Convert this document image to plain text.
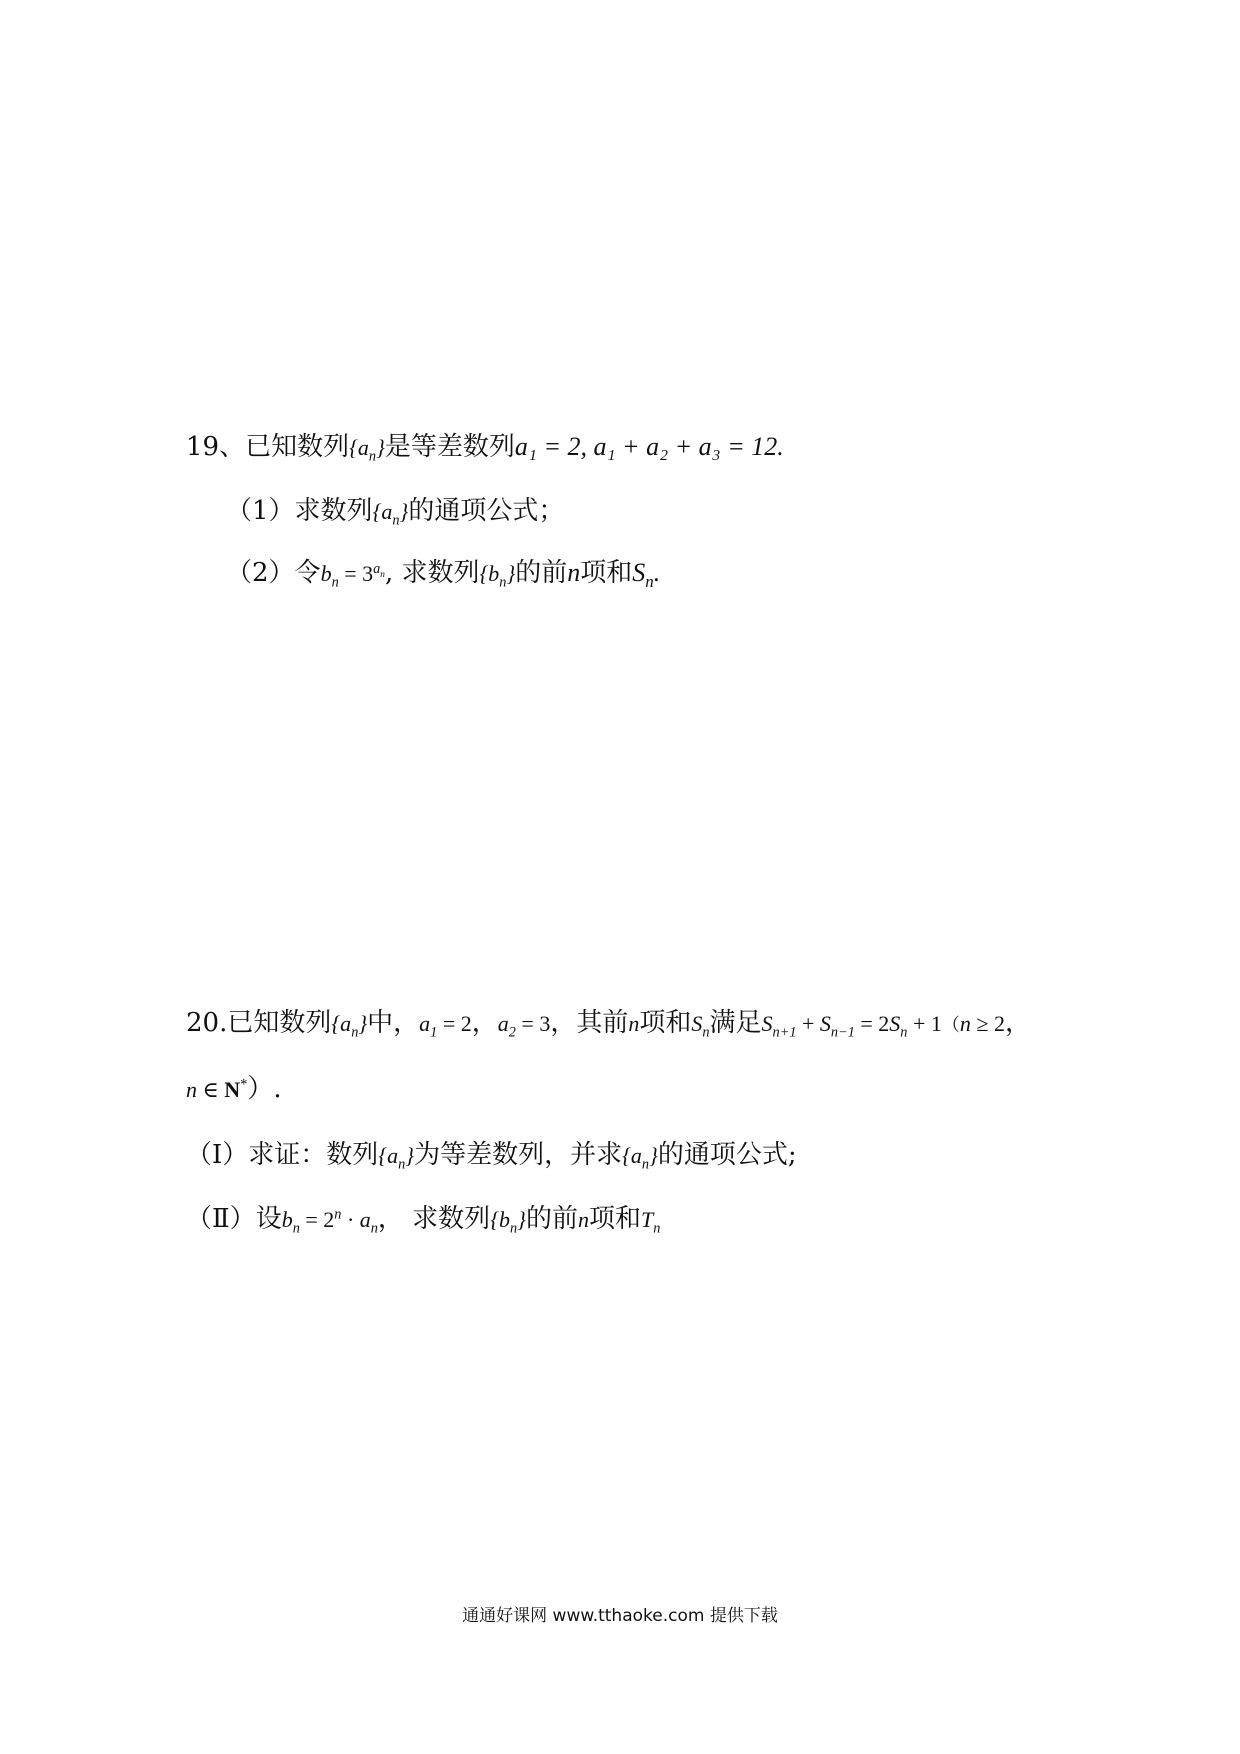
19、已知数列$\{a_n\}$是等差数列a₁ = 2, a₁ + a₂ + a₃ = 12.
（1）求数列$\{a_n\}$的通项公式；
（2）令$b_n = 3^{a_n}$, 求数列$\{b_n\}$的前n项和$S_n$.
20.已知数列$\{a_n\}$中，$a_1 = 2$，$a_2 = 3$，其前n项和$S_n$满足$S_{n+1} + S_{n-1} = 2S_n + 1(n \ge 2$，
n ∈ N*）.
（Ⅰ）求证：数列$\{a_n\}$为等差数列，并求$\{a_n\}$的通项公式;
（Ⅱ）设$b_n = 2^n \cdot a_n$， 求数列$\{b_n\}$的前n项和$T_n$
通通好课网 www.tthaoke.com 提供下载
